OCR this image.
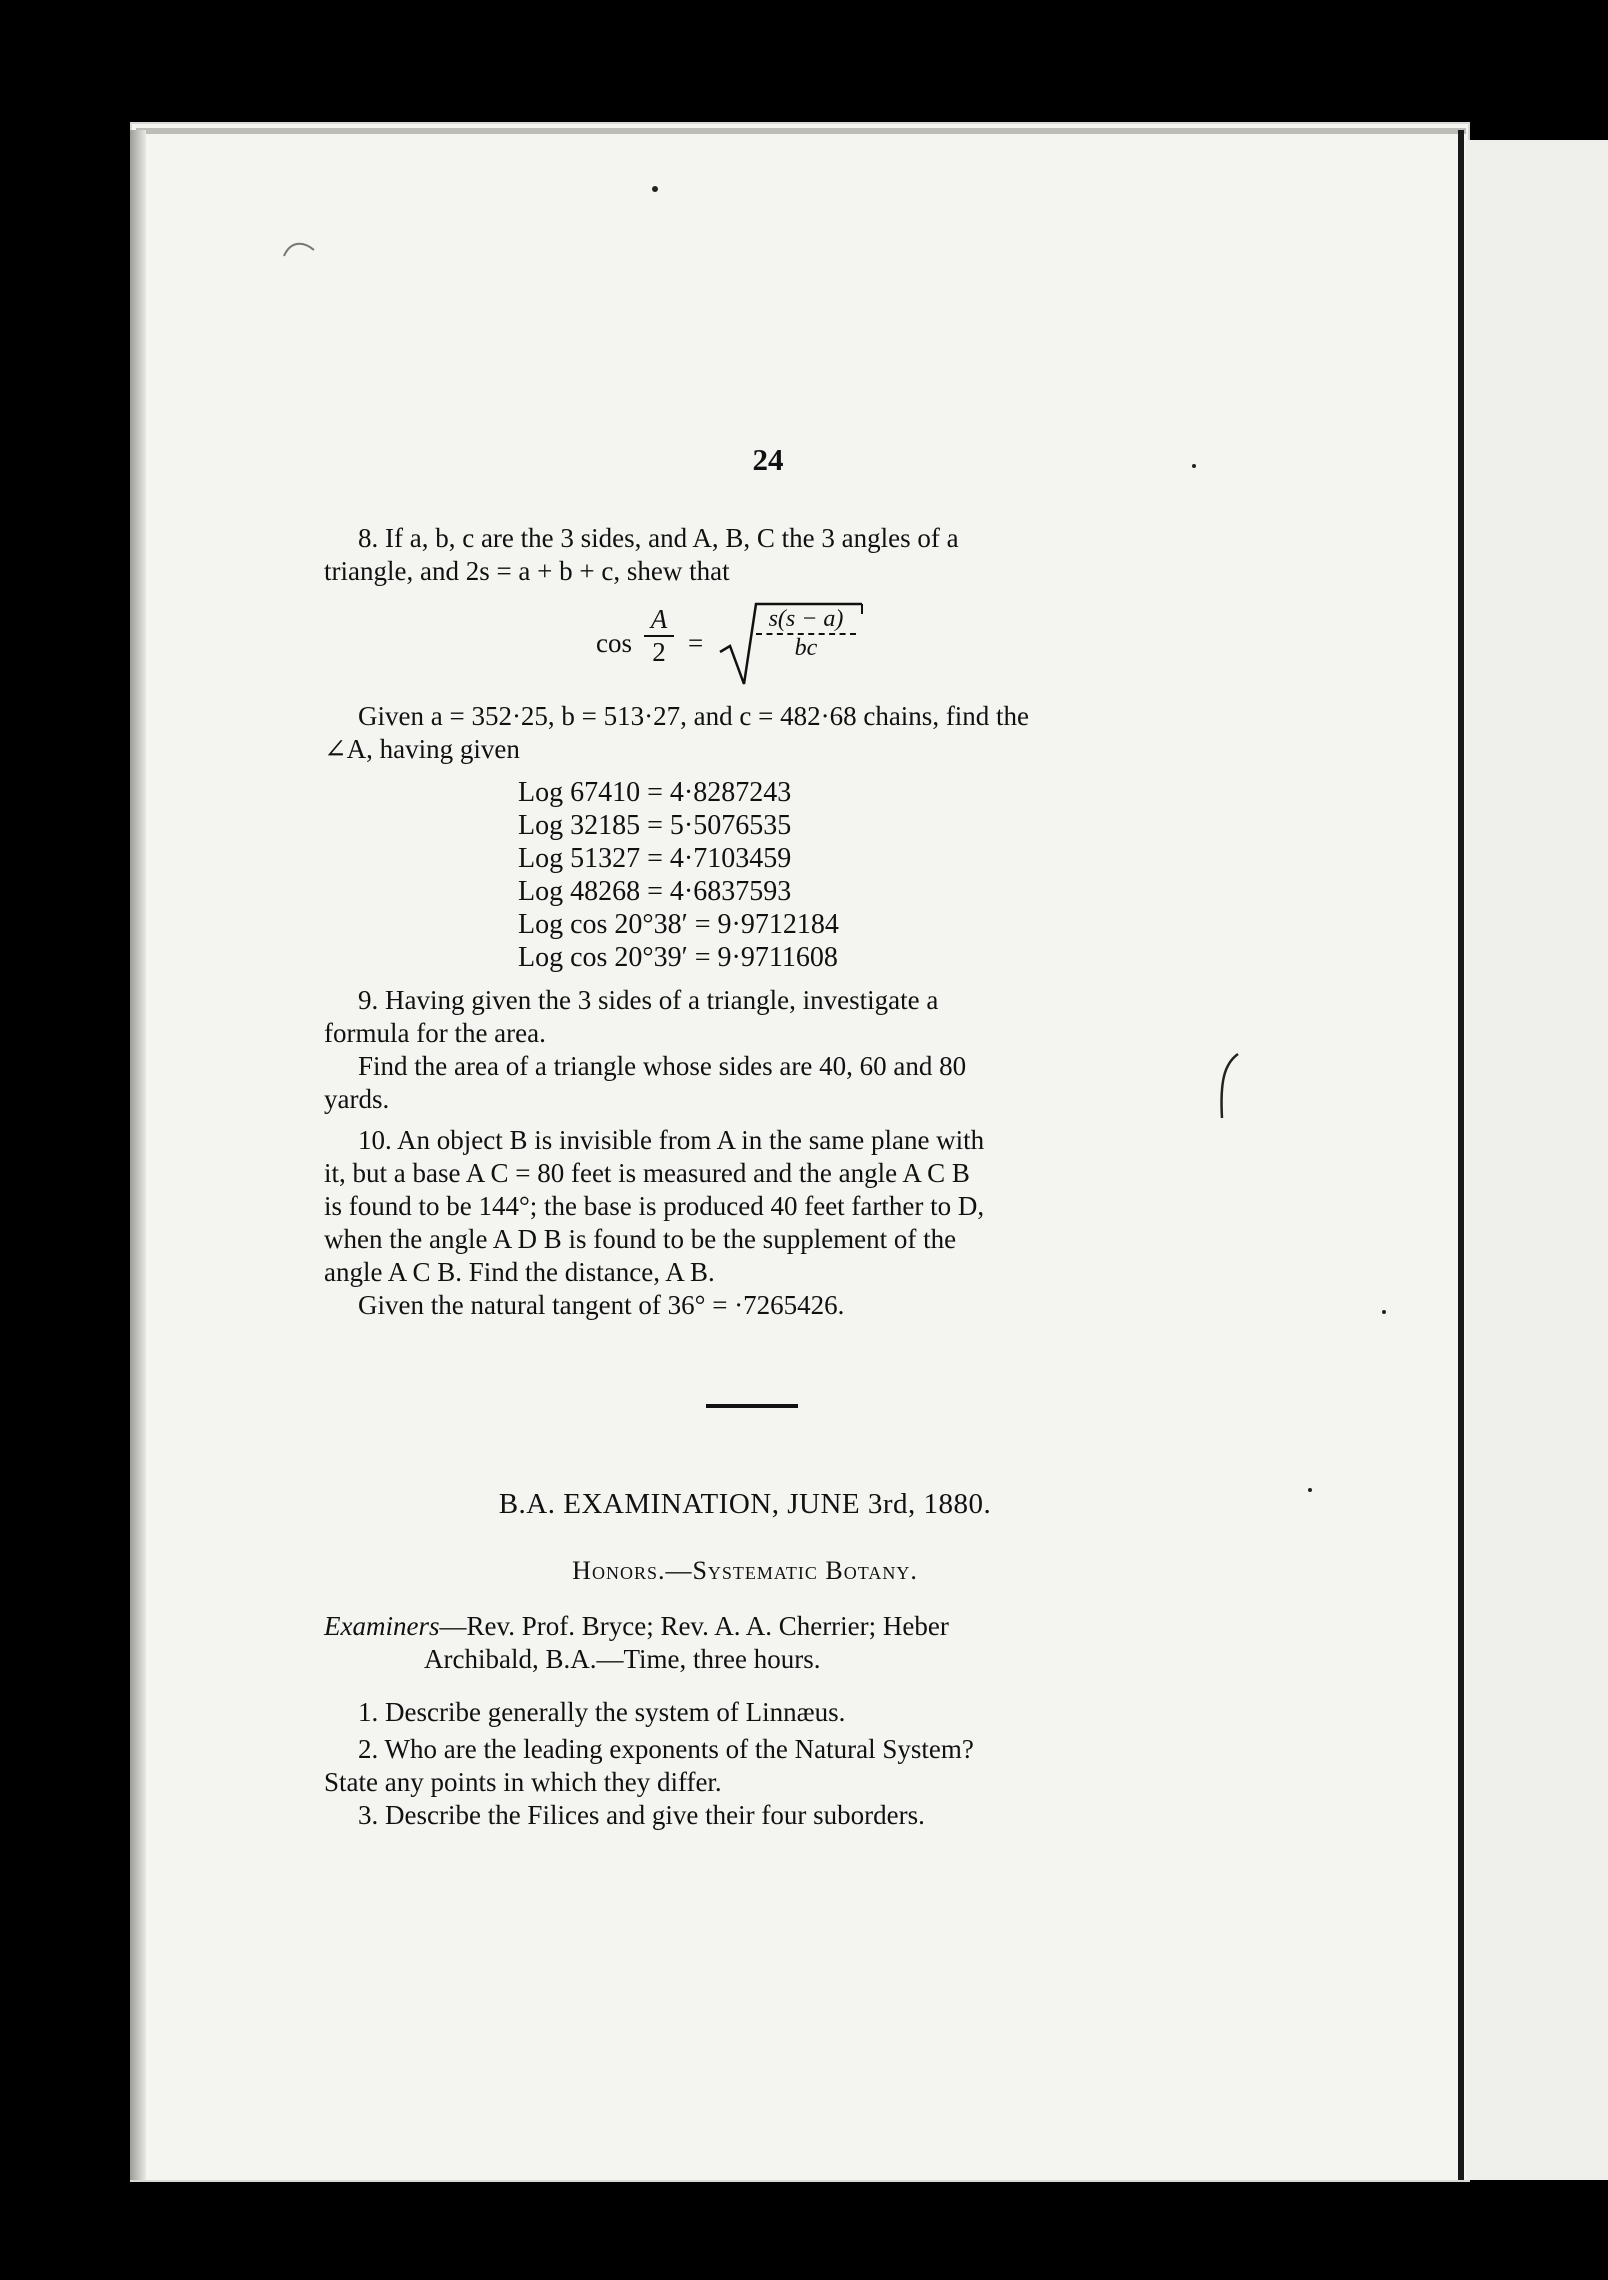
24
8. If a, b, c are the 3 sides, and A, B, C the 3 angles of a
triangle, and 2s = a + b + c, shew that
$\cos \frac{A}{2} = \frac{s(s - a)}{bc}$
Given a = 352·25, b = 513·27, and c = 482·68 chains, find the
∠A, having given
Log 67410 = 4·8287243
Log 32185 = 5·5076535
Log 51327 = 4·7103459
Log 48268 = 4·6837593
Log cos 20°38′ = 9·9712184
Log cos 20°39′ = 9·9711608
9. Having given the 3 sides of a triangle, investigate a
formula for the area.
Find the area of a triangle whose sides are 40, 60 and 80
yards.
10. An object B is invisible from A in the same plane with
it, but a base A C = 80 feet is measured and the angle A C B
is found to be 144°; the base is produced 40 feet farther to D,
when the angle A D B is found to be the supplement of the
angle A C B. Find the distance, A B.
Given the natural tangent of 36° = ·7265426.
B.A. EXAMINATION, JUNE 3rd, 1880.
Honors.—Systematic Botany.
Examiners—Rev. Prof. Bryce; Rev. A. A. Cherrier; Heber
Archibald, B.A.—Time, three hours.
1. Describe generally the system of Linnæus.
2. Who are the leading exponents of the Natural System?
State any points in which they differ.
3. Describe the Filices and give their four suborders.
